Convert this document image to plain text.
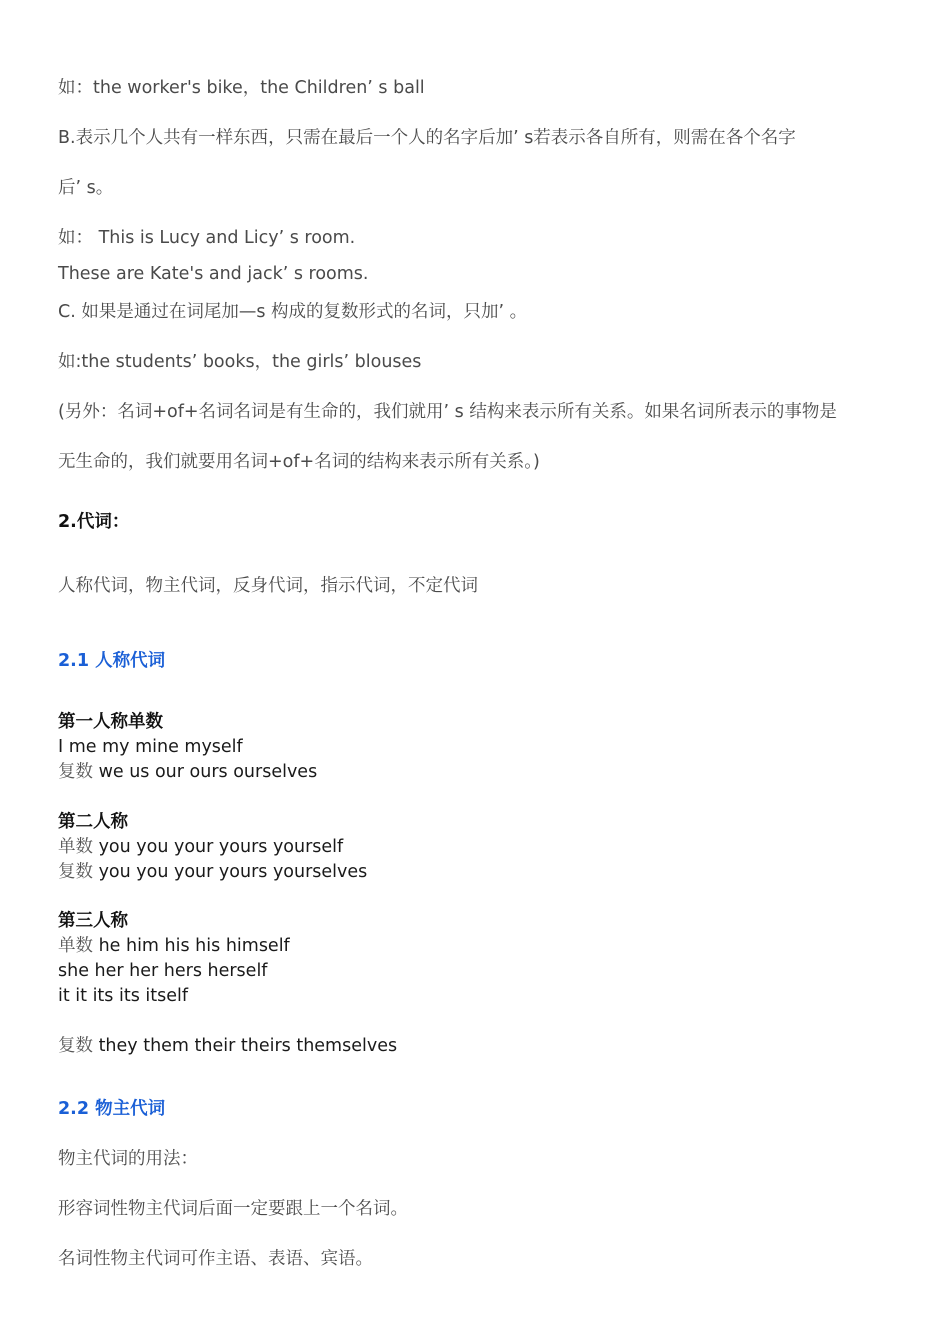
如：the worker's bike，the Children’ s ball
B.表示几个人共有一样东西，只需在最后一个人的名字后加’ s若表示各自所有，则需在各个名字
后’ s。
如： This is Lucy and Licy’ s room.
These are Kate's and jack’ s rooms.
C. 如果是通过在词尾加—s 构成的复数形式的名词，只加’ 。
如:the students’ books，the girls’ blouses
(另外：名词+of+名词名词是有生命的，我们就用’ s 结构来表示所有关系。如果名词所表示的事物是
无生命的，我们就要用名词+of+名词的结构来表示所有关系。)
2.代词：
人称代词，物主代词，反身代词，指示代词，不定代词
2.1 人称代词
第一人称单数
I me my mine myself
复数 we us our ours ourselves
第二人称
单数 you you your yours yourself
复数 you you your yours yourselves
第三人称
单数 he him his his himself
she her her hers herself
it it its its itself
复数 they them their theirs themselves
2.2 物主代词
物主代词的用法：
形容词性物主代词后面一定要跟上一个名词。
名词性物主代词可作主语、表语、宾语。
